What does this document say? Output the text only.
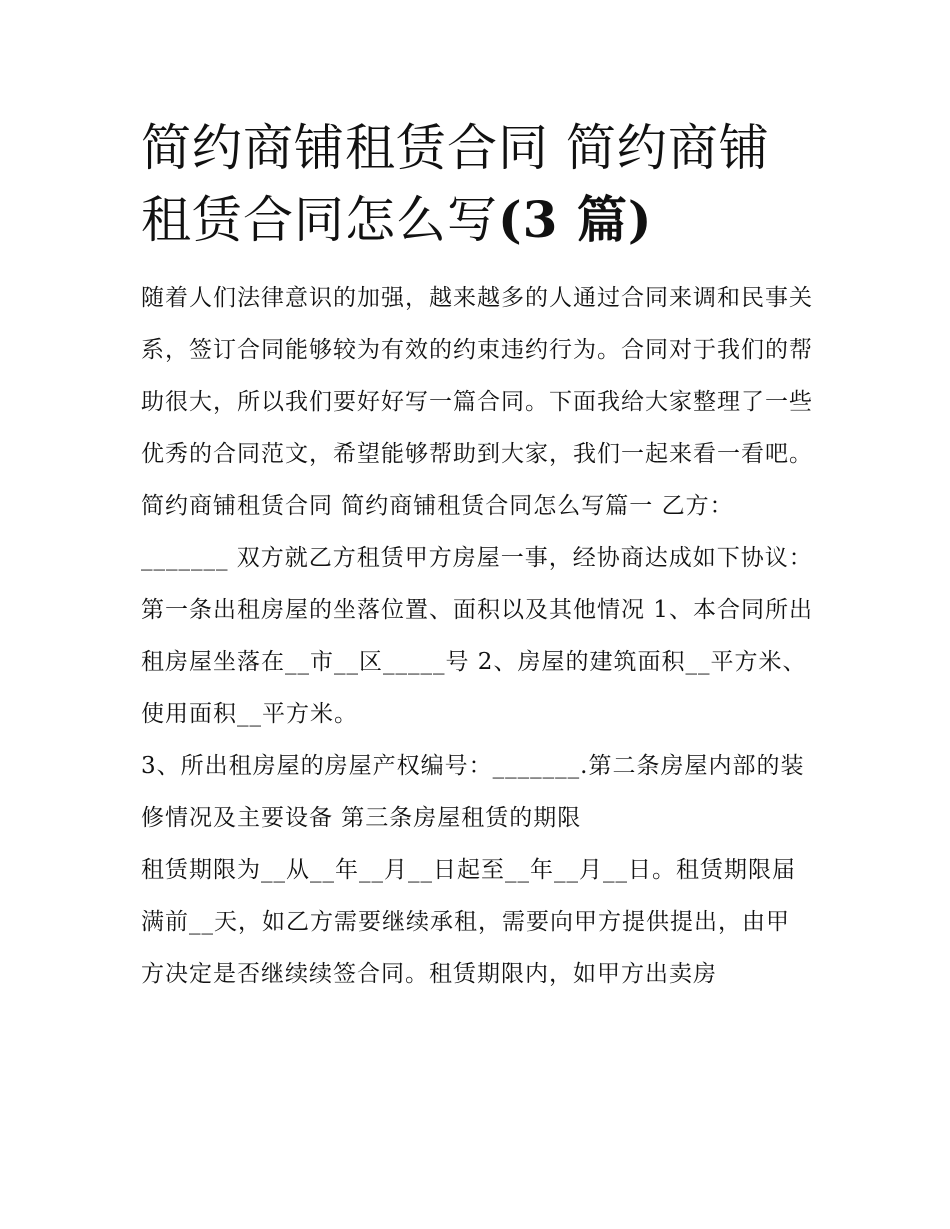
简约商铺租赁合同 简约商铺租赁合同怎么写(3 篇)

随着人们法律意识的加强，越来越多的人通过合同来调和民事关系，签订合同能够较为有效的约束违约行为。合同对于我们的帮助很大，所以我们要好好写一篇合同。下面我给大家整理了一些优秀的合同范文，希望能够帮助到大家，我们一起来看一看吧。

简约商铺租赁合同 简约商铺租赁合同怎么写篇一 乙方：_______ 双方就乙方租赁甲方房屋一事，经协商达成如下协议：

第一条出租房屋的坐落位置、面积以及其他情况 1、本合同所出租房屋坐落在__市__区_____号 2、房屋的建筑面积__平方米、使用面积__平方米。

3、所出租房屋的房屋产权编号：_______.第二条房屋内部的装修情况及主要设备 第三条房屋租赁的期限

租赁期限为__从__年__月__日起至__年__月__日。租赁期限届满前__天，如乙方需要继续承租，需要向甲方提供提出，由甲方决定是否继续续签合同。租赁期限内，如甲方出卖房
